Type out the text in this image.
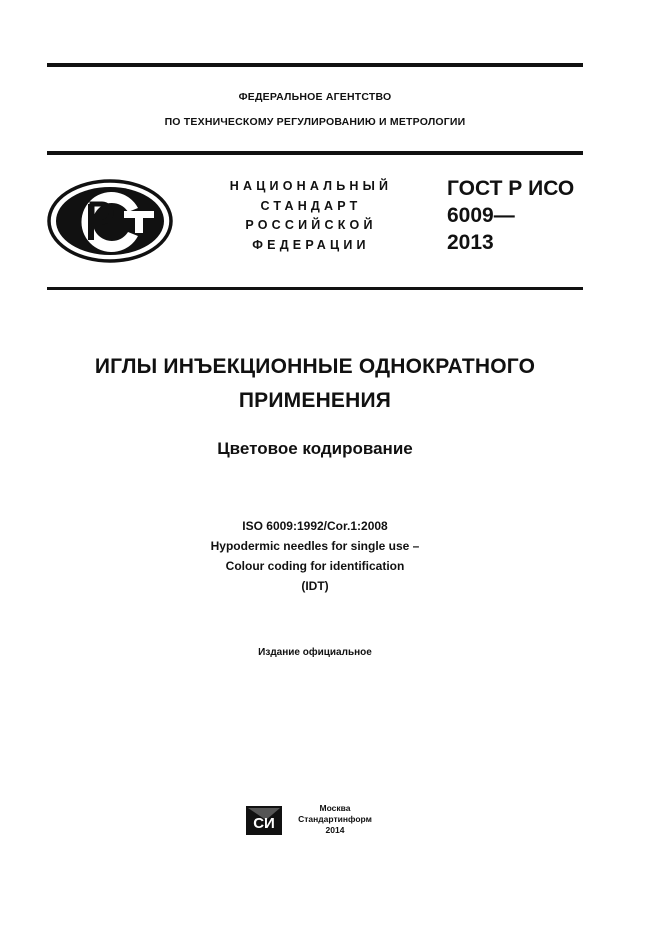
ФЕДЕРАЛЬНОЕ АГЕНТСТВО
ПО ТЕХНИЧЕСКОМУ РЕГУЛИРОВАНИЮ И МЕТРОЛОГИИ
НАЦИОНАЛЬНЫЙ
СТАНДАРТ
РОССИЙСКОЙ
ФЕДЕРАЦИИ
ГОСТ Р ИСО
6009—
2013
ИГЛЫ ИНЪЕКЦИОННЫЕ ОДНОКРАТНОГО
ПРИМЕНЕНИЯ
Цветовое кодирование
ISO 6009:1992/Cor.1:2008
Hypodermic needles for single use –
Colour coding for identification
(IDT)
Издание официальное
СИ
Москва
Стандартинформ
2014
